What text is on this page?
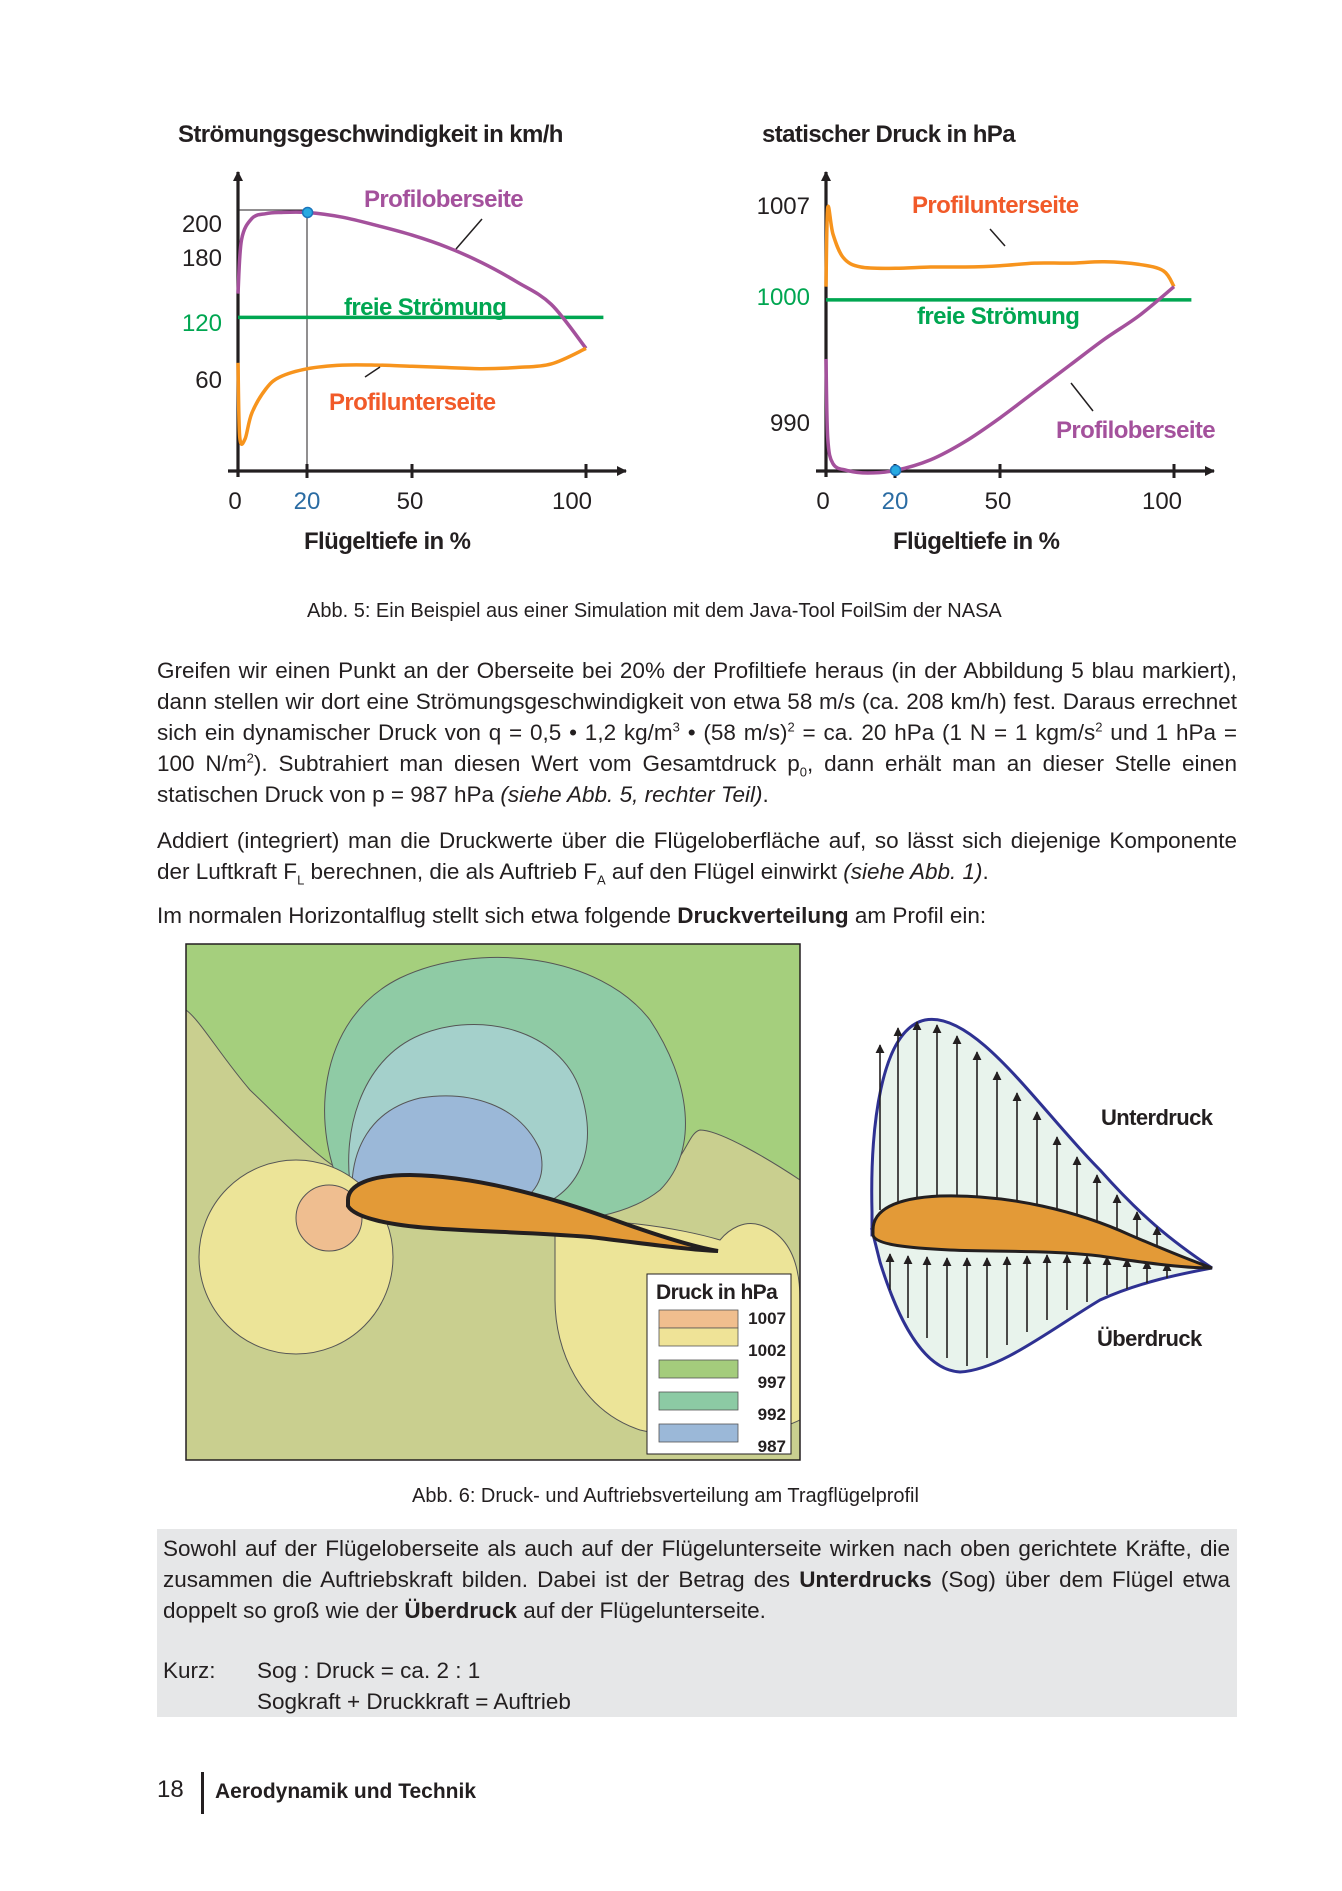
Strömungsgeschwindigkeit in km/h
Profiloberseite
freie Strömung
Profilunterseite
200
180
120
60
0 20	50	100
Flügeltiefe in %
statischer Druck in hPa
Profilunterseite
freie Strömung
Profiloberseite
1007
1000
990
0 20	50	100
Flügeltiefe in %
Abb. 5: Ein Beispiel aus einer Simulation mit dem Java-Tool FoilSim der NASA
Greifen wir einen Punkt an der Oberseite bei 20% der Profiltiefe heraus (in der Abbildung 5 blau markiert), dann stellen wir dort eine Strömungsgeschwindigkeit von etwa 58 m/s (ca. 208 km/h) fest. Daraus errechnet sich ein dynamischer Druck von q = 0,5 • 1,2 $kg/m^3$ • (58 m/s)$^2$ = ca. 20 hPa (1 N = 1 kgm/$s^2$ und 1 hPa = 100 $N/m^2$). Subtrahiert man diesen Wert vom Gesamtdruck $p_0$, dann erhält man an dieser Stelle einen statischen Druck von p = 987 hPa (siehe Abb. 5, rechter Teil).
Addiert (integriert) man die Druckwerte über die Flügeloberfläche auf, so lässt sich diejenige Komponente der Luftkraft $F_L$ berechnen, die als Auftrieb $F_A$ auf den Flügel einwirkt (siehe Abb. 1).
Im normalen Horizontalflug stellt sich etwa folgende Druckverteilung am Profil ein:
Druck in hPa
1007
1002
997
992
987
Unterdruck
Überdruck
Abb. 6: Druck- und Auftriebsverteilung am Tragflügelprofil
Sowohl auf der Flügeloberseite als auch auf der Flügelunterseite wirken nach oben gerichtete Kräfte, die zusammen die Auftriebskraft bilden. Dabei ist der Betrag des Unterdrucks (Sog) über dem Flügel etwa doppelt so groß wie der Überdruck auf der Flügelunterseite.
Kurz: Sog : Druck = ca. 2 : 1
Sogkraft + Druckkraft = Auftrieb
18 Aerodynamik und Technik
